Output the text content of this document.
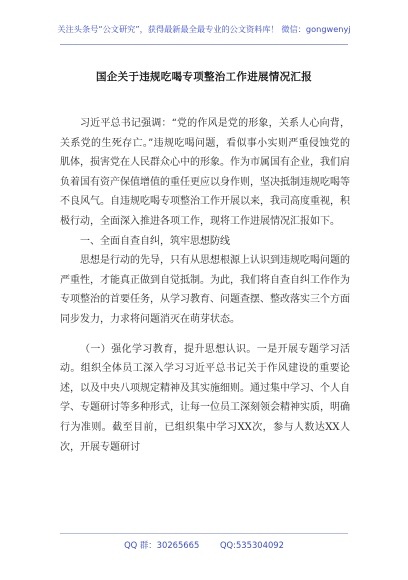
关注头条号“公文研究”，获得最新最全最专业的公文资料库！ 微信：gongwenyj
国企关于违规吃喝专项整治工作进展情况汇报

习近平总书记强调：“党的作风是党的形象，关系人心向背，关系党的生死存亡。”违规吃喝问题，看似事小实则严重侵蚀党的肌体，损害党在人民群众心中的形象。作为市属国有企业，我们肩负着国有资产保值增值的重任更应以身作则，坚决抵制违规吃喝等不良风气。自违规吃喝专项整治工作开展以来，我司高度重视，积极行动，全面深入推进各项工作，现将工作进展情况汇报如下。

一、全面自查自纠，筑牢思想防线

思想是行动的先导，只有从思想根源上认识到违规吃喝问题的严重性，才能真正做到自觉抵制。为此，我们将自查自纠工作作为专项整治的首要任务，从学习教育、问题查摆、整改落实三个方面同步发力，力求将问题消灭在萌芽状态。

（一）强化学习教育，提升思想认识。一是开展专题学习活动。组织全体员工深入学习习近平总书记关于作风建设的重要论述，以及中央八项规定精神及其实施细则。通过集中学习、个人自学、专题研讨等多种形式，让每一位员工深刻领会精神实质，明确行为准则。截至目前，已组织集中学习XX次，参与人数达XX人次，开展专题研讨

QQ 群：30265665 QQ:535304092
